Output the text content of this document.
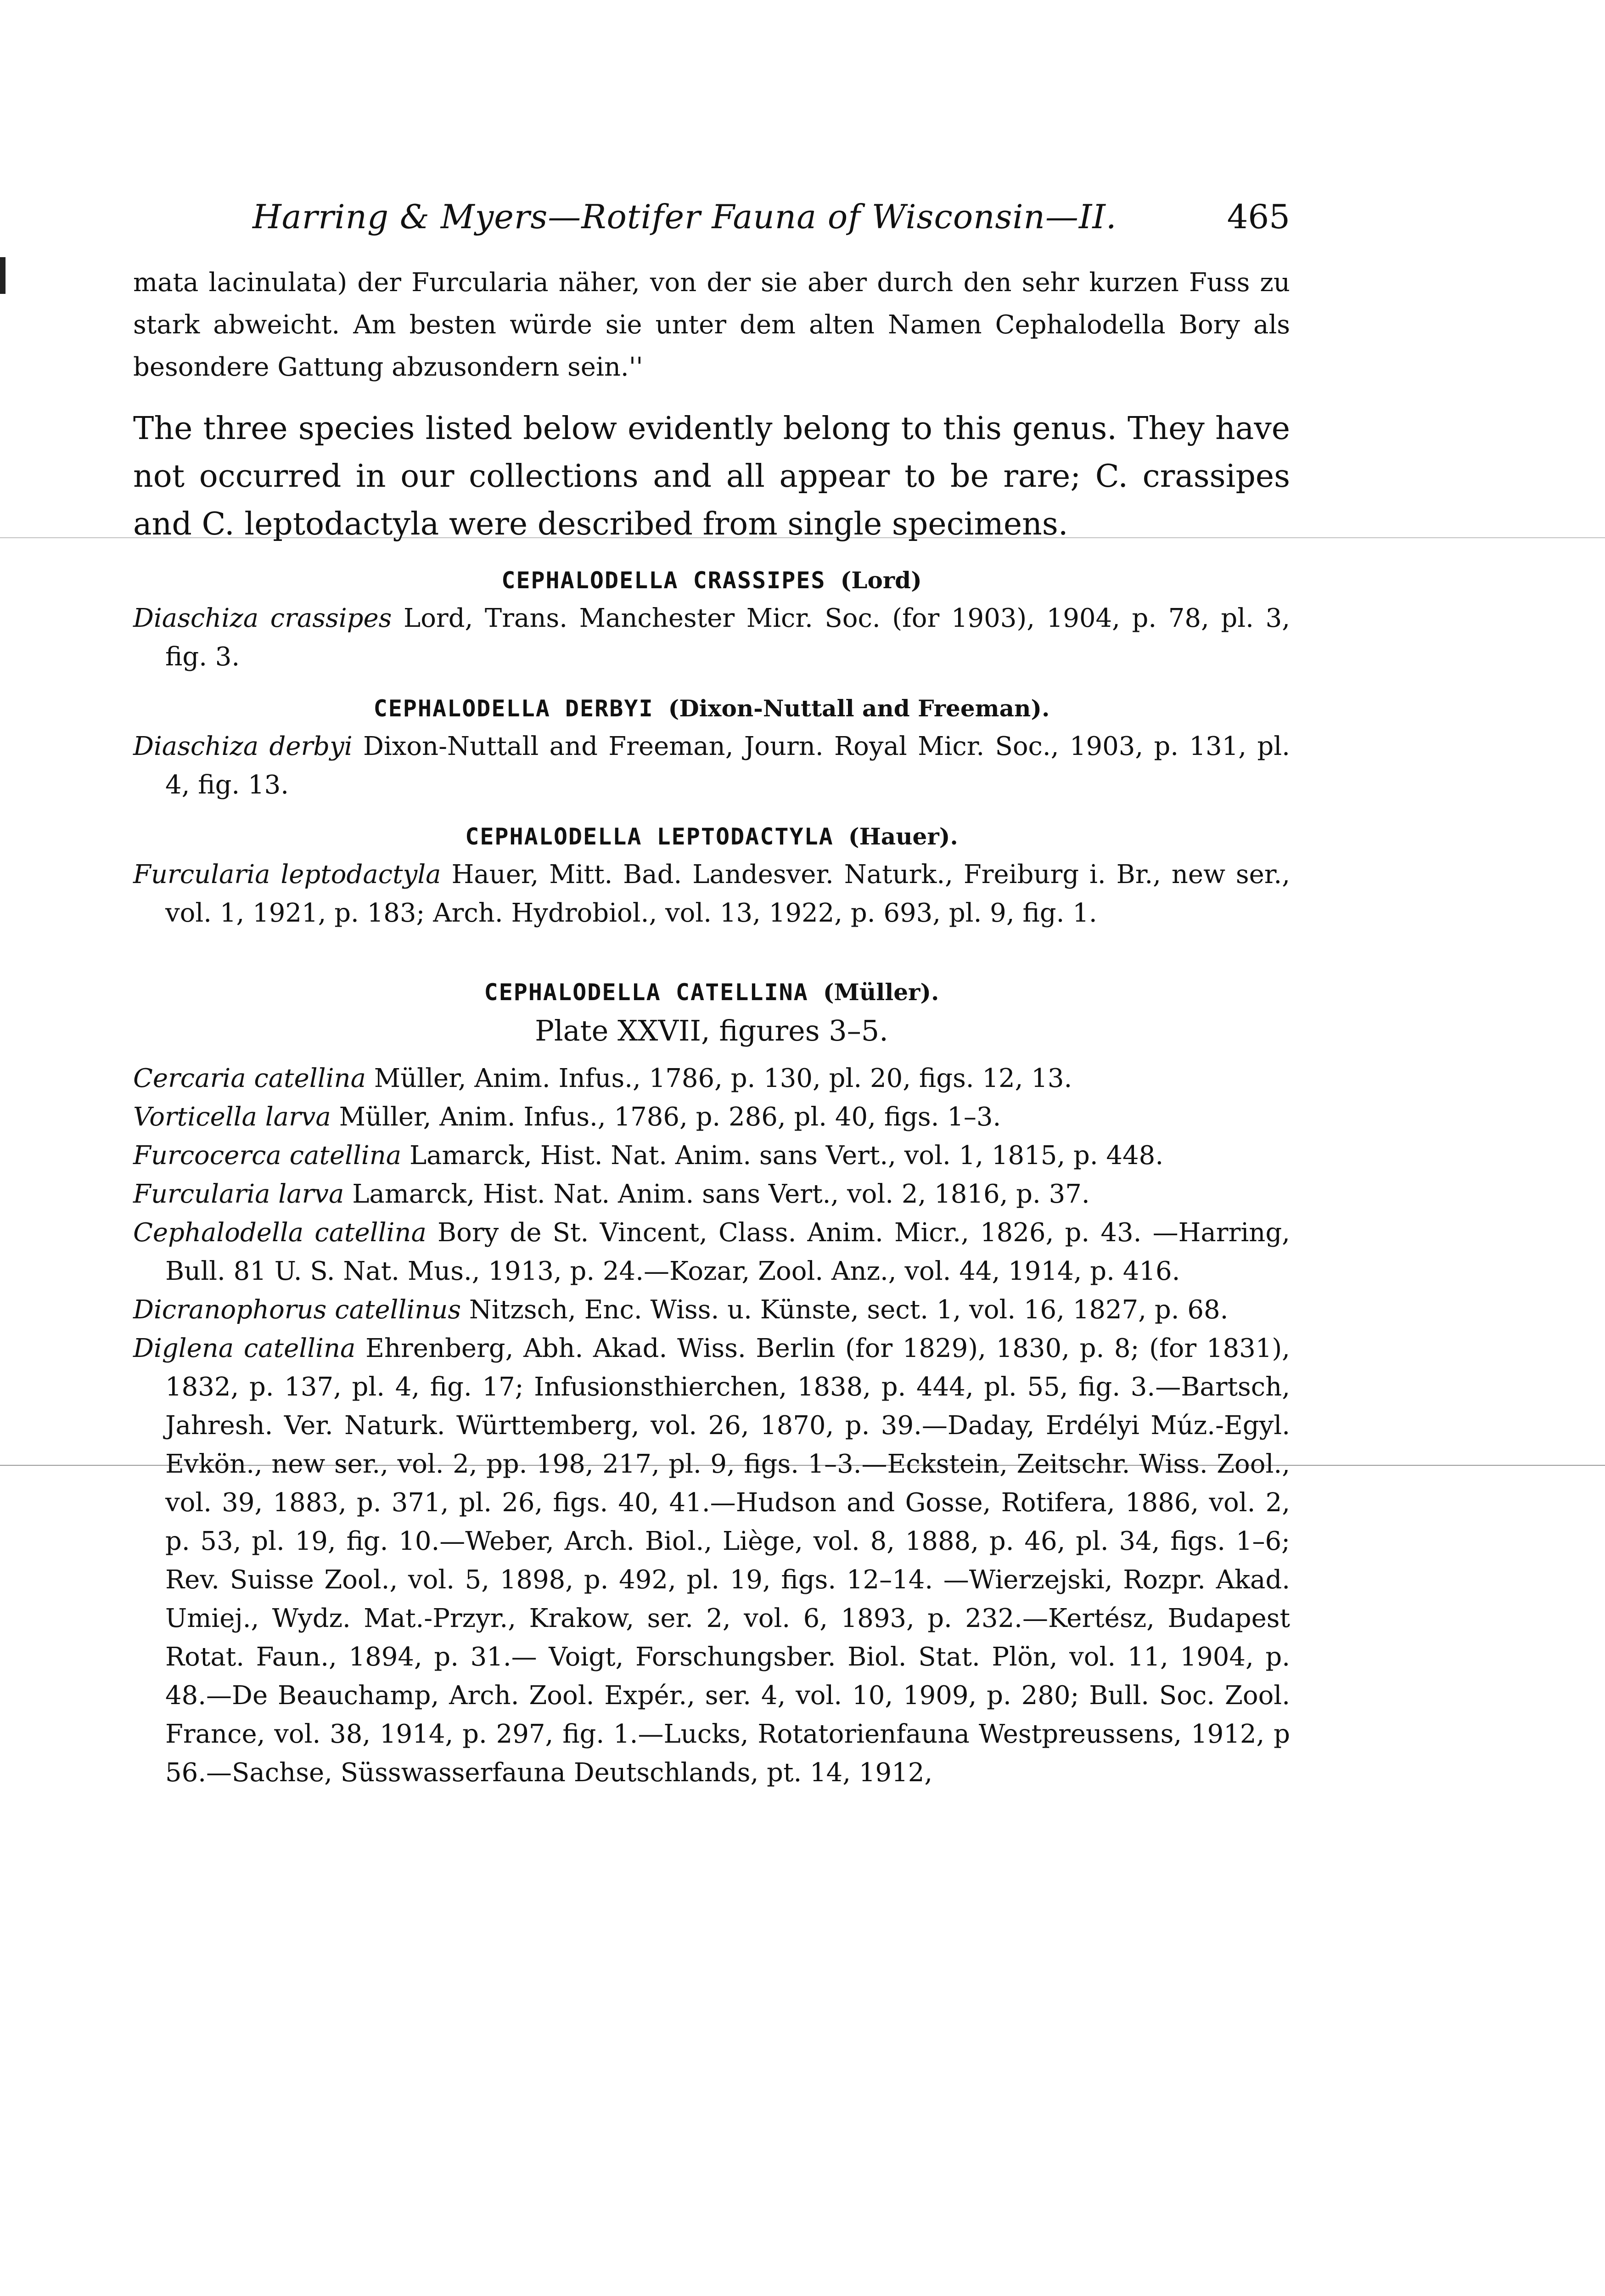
Harring & Myers—Rotifer Fauna of Wisconsin—II.	465
mata lacinulata) der Furcularia näher, von der sie aber durch den sehr kurzen Fuss zu stark abweicht. Am besten würde sie unter dem alten Namen Cephalodella Bory als besondere Gattung abzusondern sein.''
The three species listed below evidently belong to this genus. They have not occurred in our collections and all appear to be rare; C. crassipes and C. leptodactyla were described from single specimens.
CEPHALODELLA CRASSIPES (Lord)
Diaschiza crassipes Lord, Trans. Manchester Micr. Soc. (for 1903), 1904, p. 78, pl. 3, fig. 3.
CEPHALODELLA DERBYI (Dixon-Nuttall and Freeman).
Diaschiza derbyi Dixon-Nuttall and Freeman, Journ. Royal Micr. Soc., 1903, p. 131, pl. 4, fig. 13.
CEPHALODELLA LEPTODACTYLA (Hauer).
Furcularia leptodactyla Hauer, Mitt. Bad. Landesver. Naturk., Freiburg i. Br., new ser., vol. 1, 1921, p. 183; Arch. Hydrobiol., vol. 13, 1922, p. 693, pl. 9, fig. 1.
CEPHALODELLA CATELLINA (Müller).
Plate XXVII, figures 3–5.
Cercaria catellina Müller, Anim. Infus., 1786, p. 130, pl. 20, figs. 12, 13.
Vorticella larva Müller, Anim. Infus., 1786, p. 286, pl. 40, figs. 1–3.
Furcocerca catellina Lamarck, Hist. Nat. Anim. sans Vert., vol. 1, 1815, p. 448.
Furcularia larva Lamarck, Hist. Nat. Anim. sans Vert., vol. 2, 1816, p. 37.
Cephalodella catellina Bory de St. Vincent, Class. Anim. Micr., 1826, p. 43. —Harring, Bull. 81 U. S. Nat. Mus., 1913, p. 24.—Kozar, Zool. Anz., vol. 44, 1914, p. 416.
Dicranophorus catellinus Nitzsch, Enc. Wiss. u. Künste, sect. 1, vol. 16, 1827, p. 68.
Diglena catellina Ehrenberg, Abh. Akad. Wiss. Berlin (for 1829), 1830, p. 8; (for 1831), 1832, p. 137, pl. 4, fig. 17; Infusionsthierchen, 1838, p. 444, pl. 55, fig. 3.—Bartsch, Jahresh. Ver. Naturk. Württemberg, vol. 26, 1870, p. 39.—Daday, Erdélyi Múz.-Egyl. Evkön., new ser., vol. 2, pp. 198, 217, pl. 9, figs. 1–3.—Eckstein, Zeitschr. Wiss. Zool., vol. 39, 1883, p. 371, pl. 26, figs. 40, 41.—Hudson and Gosse, Rotifera, 1886, vol. 2, p. 53, pl. 19, fig. 10.—Weber, Arch. Biol., Liège, vol. 8, 1888, p. 46, pl. 34, figs. 1–6; Rev. Suisse Zool., vol. 5, 1898, p. 492, pl. 19, figs. 12–14. —Wierzejski, Rozpr. Akad. Umiej., Wydz. Mat.-Przyr., Krakow, ser. 2, vol. 6, 1893, p. 232.—Kertész, Budapest Rotat. Faun., 1894, p. 31.— Voigt, Forschungsber. Biol. Stat. Plön, vol. 11, 1904, p. 48.—De Beauchamp, Arch. Zool. Expér., ser. 4, vol. 10, 1909, p. 280; Bull. Soc. Zool. France, vol. 38, 1914, p. 297, fig. 1.—Lucks, Rotatorienfauna Westpreussens, 1912, p 56.—Sachse, Süsswasserfauna Deutschlands, pt. 14, 1912,
